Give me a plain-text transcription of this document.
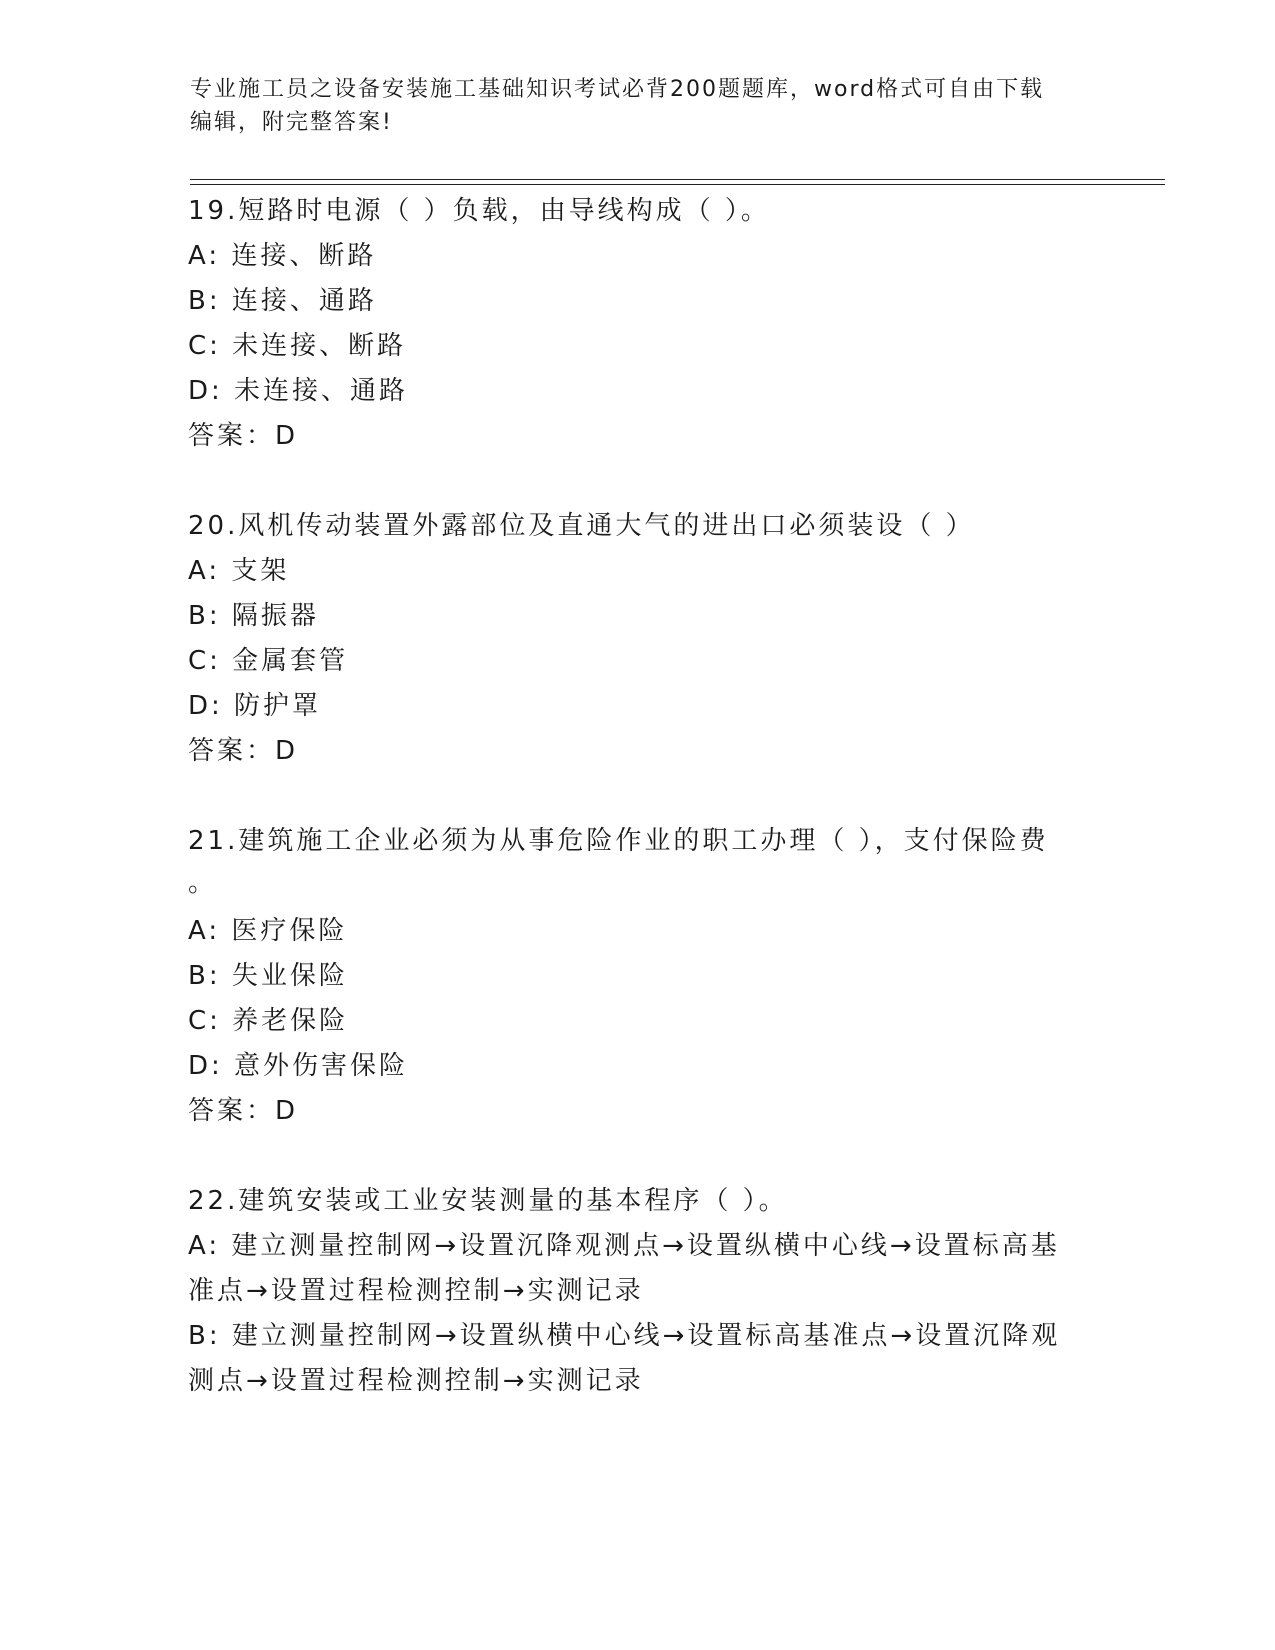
专业施工员之设备安装施工基础知识考试必背200题题库，word格式可自由下载
编辑，附完整答案!
19.短路时电源（ ）负载，由导线构成（ ）。
A: 连接、断路
B: 连接、通路
C: 未连接、断路
D: 未连接、通路
答案：D
20.风机传动装置外露部位及直通大气的进出口必须装设（ ）
A: 支架
B: 隔振器
C: 金属套管
D: 防护罩
答案：D
21.建筑施工企业必须为从事危险作业的职工办理（ ），支付保险费
。
A: 医疗保险
B: 失业保险
C: 养老保险
D: 意外伤害保险
答案：D
22.建筑安装或工业安装测量的基本程序（ ）。
A: 建立测量控制网→设置沉降观测点→设置纵横中心线→设置标高基
准点→设置过程检测控制→实测记录
B: 建立测量控制网→设置纵横中心线→设置标高基准点→设置沉降观
测点→设置过程检测控制→实测记录
